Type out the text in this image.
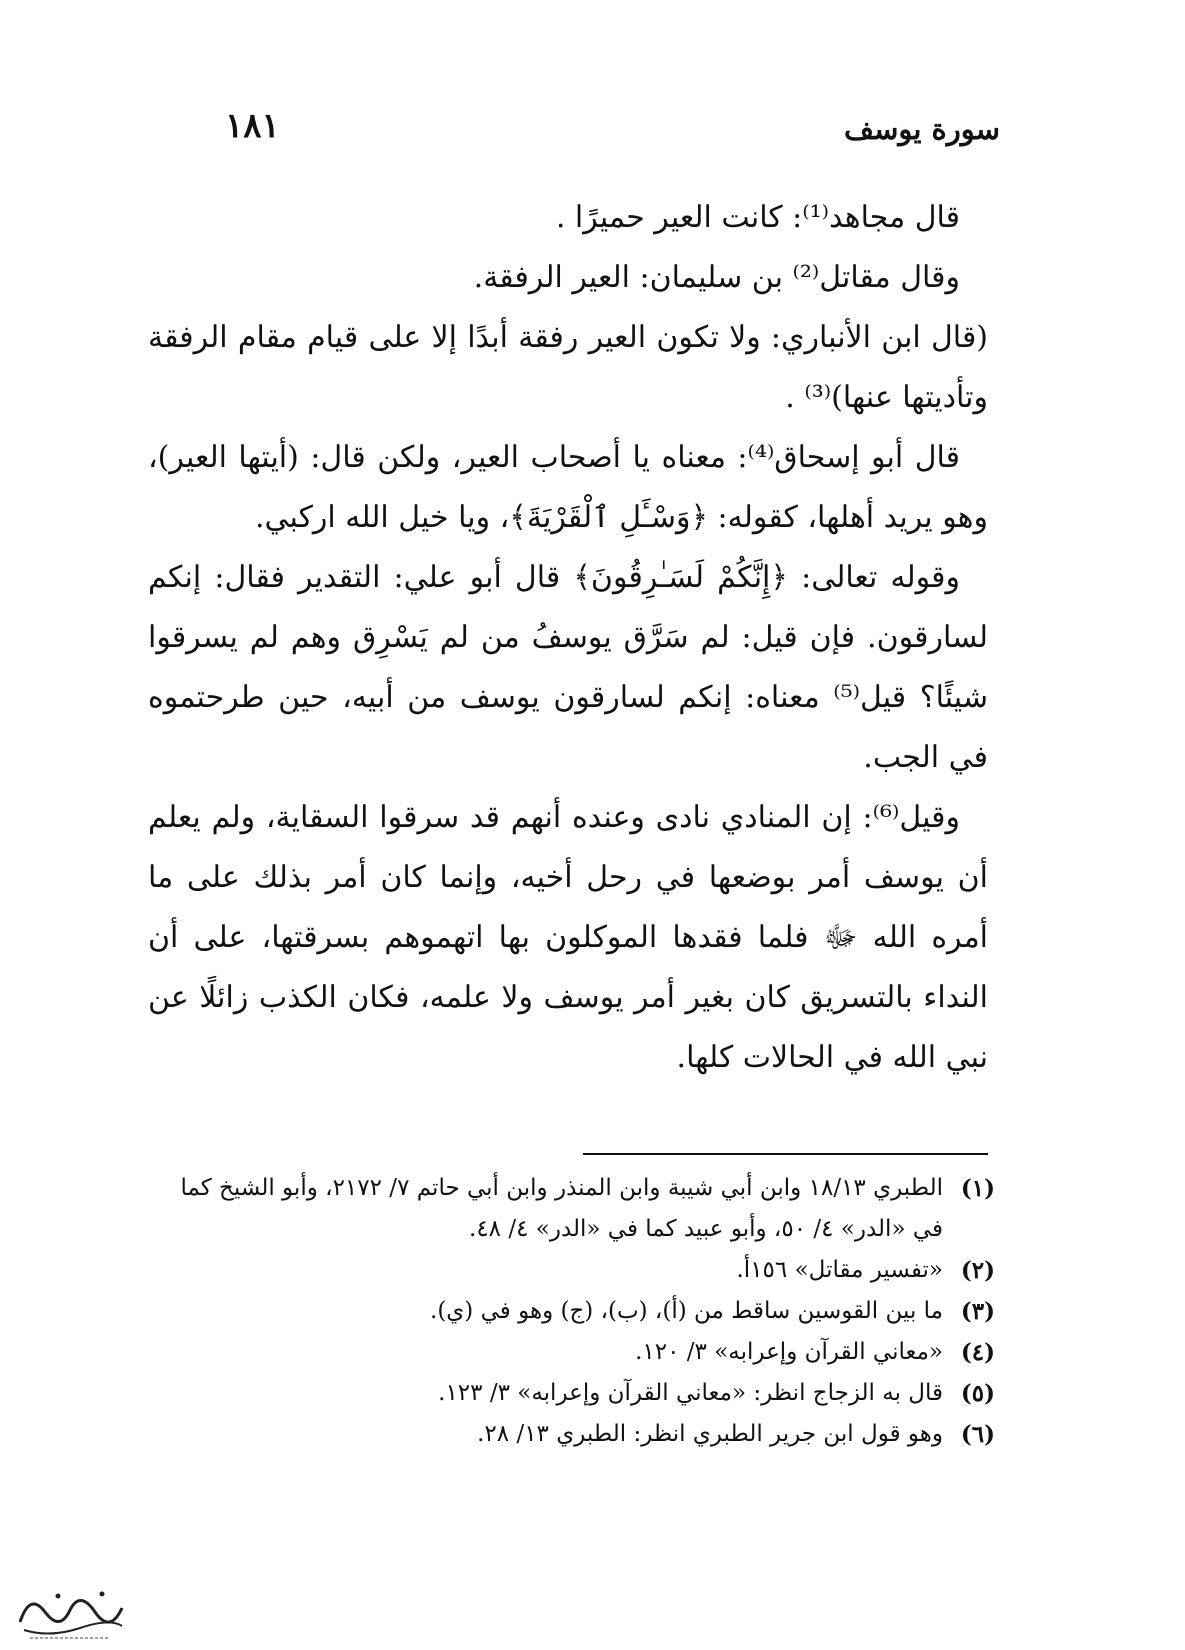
سورة يوسف
١٨١

قال مجاهد⁽¹⁾: كانت العير حميرًا .

وقال مقاتل⁽²⁾ بن سليمان: العير الرفقة.

(قال ابن الأنباري: ولا تكون العير رفقة أبدًا إلا على قيام مقام الرفقة وتأديتها عنها)⁽³⁾ .

قال أبو إسحاق⁽⁴⁾: معناه يا أصحاب العير، ولكن قال: (أيتها العير)، وهو يريد أهلها، كقوله: ﴿وَسْـَٔلِ ٱلْقَرْيَةَ﴾، ويا خيل الله اركبي.

وقوله تعالى: ﴿إِنَّكُمْ لَسَـٰرِقُونَ﴾ قال أبو علي: التقدير فقال: إنكم لسارقون. فإن قيل: لم سَرَّق يوسفُ من لم يَسْرِق وهم لم يسرقوا شيئًا؟ قيل⁽⁵⁾ معناه: إنكم لسارقون يوسف من أبيه، حين طرحتموه في الجب.

وقيل⁽⁶⁾: إن المنادي نادى وعنده أنهم قد سرقوا السقاية، ولم يعلم أن يوسف أمر بوضعها في رحل أخيه، وإنما كان أمر بذلك على ما أمره الله ﷻ فلما فقدها الموكلون بها اتهموهم بسرقتها، على أن النداء بالتسريق كان بغير أمر يوسف ولا علمه، فكان الكذب زائلًا عن نبي الله في الحالات كلها.

(١)
الطبري ١٨/١٣ وابن أبي شيبة وابن المنذر وابن أبي حاتم ٧/ ٢١٧٢، وأبو الشيخ كما في «الدر» ٤/ ٥٠، وأبو عبيد كما في «الدر» ٤/ ٤٨.
(٢)
«تفسير مقاتل» ١٥٦أ.
(٣)
ما بين القوسين ساقط من (أ)، (ب)، (ج) وهو في (ي).
(٤)
«معاني القرآن وإعرابه» ٣/ ١٢٠.
(٥)
قال به الزجاج انظر: «معاني القرآن وإعرابه» ٣/ ١٢٣.
(٦)
وهو قول ابن جرير الطبري انظر: الطبري ١٣/ ٢٨.
